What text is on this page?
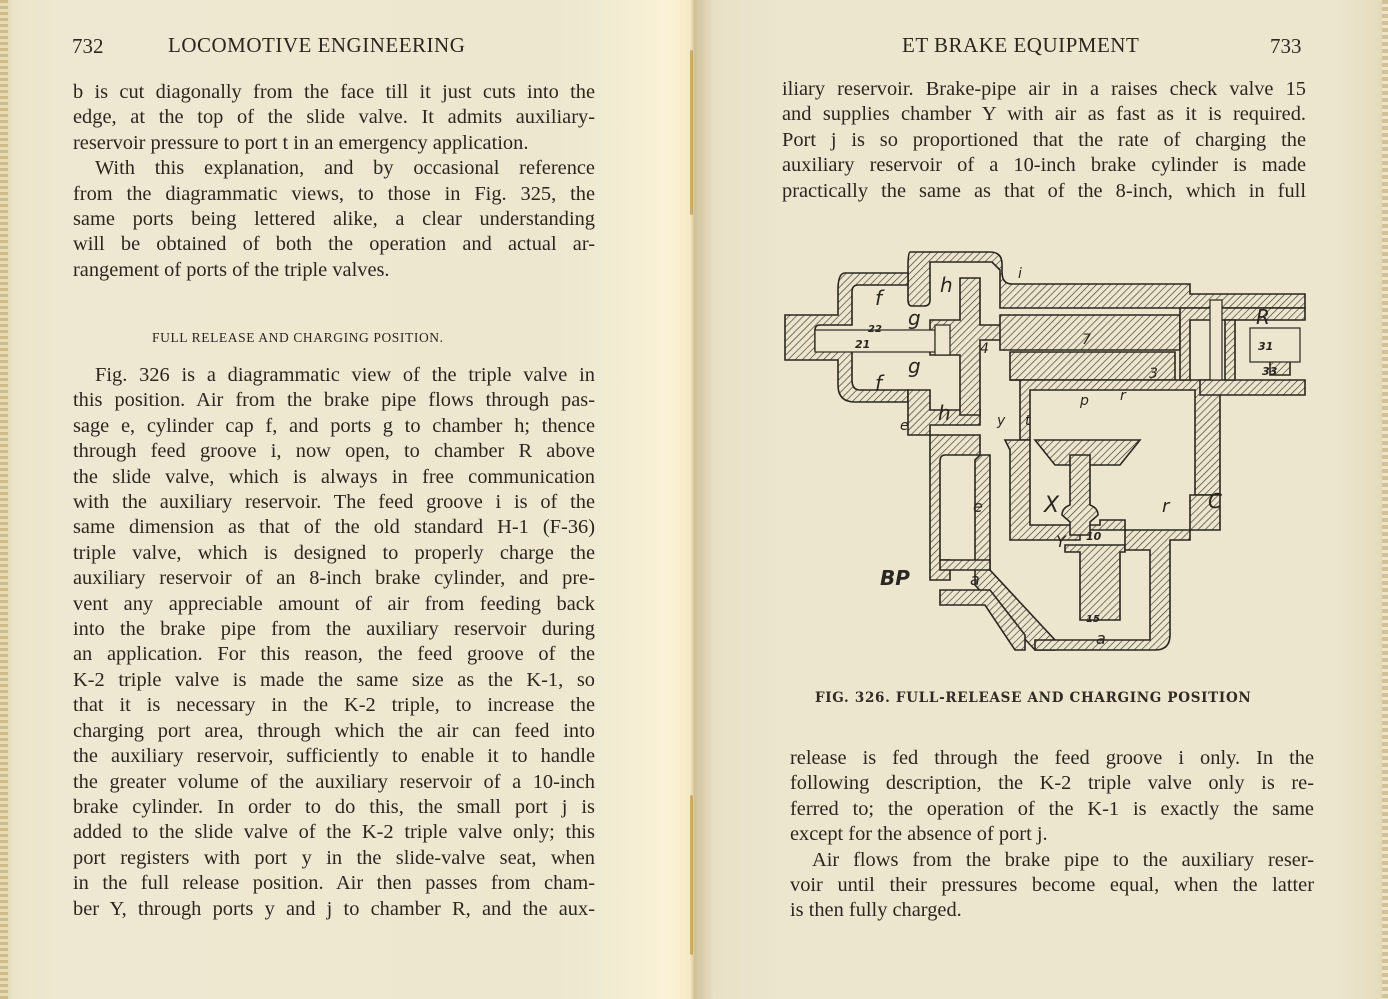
732	LOCOMOTIVE ENGINEERING
b is cut diagonally from the face till it just cuts into the
edge, at the top of the slide valve. It admits auxiliary-
reservoir pressure to port t in an emergency application.
With this explanation, and by occasional reference
from the diagrammatic views, to those in Fig. 325, the
same ports being lettered alike, a clear understanding
will be obtained of both the operation and actual ar-
rangement of ports of the triple valves.
FULL RELEASE AND CHARGING POSITION.
Fig. 326 is a diagrammatic view of the triple valve in
this position. Air from the brake pipe flows through pas-
sage e, cylinder cap f, and ports g to chamber h; thence
through feed groove i, now open, to chamber R above
the slide valve, which is always in free communication
with the auxiliary reservoir. The feed groove i is of the
same dimension as that of the old standard H-1 (F-36)
triple valve, which is designed to properly charge the
auxiliary reservoir of an 8-inch brake cylinder, and pre-
vent any appreciable amount of air from feeding back
into the brake pipe from the auxiliary reservoir during
an application. For this reason, the feed groove of the
K-2 triple valve is made the same size as the K-1, so
that it is necessary in the K-2 triple, to increase the
charging port area, through which the air can feed into
the auxiliary reservoir, sufficiently to enable it to handle
the greater volume of the auxiliary reservoir of a 10-inch
brake cylinder. In order to do this, the small port j is
added to the slide valve of the K-2 triple valve only; this
port registers with port y in the slide-valve seat, when
in the full release position. Air then passes from cham-
ber Y, through ports y and j to chamber R, and the aux-
ET BRAKE EQUIPMENT	733
iliary reservoir. Brake-pipe air in a raises check valve 15
and supplies chamber Y with air as fast as it is required.
Port j is so proportioned that the rate of charging the
auxiliary reservoir of a 10-inch brake cylinder is made
practically the same as that of the 8-inch, which in full
f
f
g
g
h
h
i
22
21	4
7
3
R
31
33
p r
y t
e
e	X	r C
Y 10
BP	a
a
15
FIG. 326. FULL-RELEASE AND CHARGING POSITION
release is fed through the feed groove i only. In the
following description, the K-2 triple valve only is re-
ferred to; the operation of the K-1 is exactly the same
except for the absence of port j.
Air flows from the brake pipe to the auxiliary reser-
voir until their pressures become equal, when the latter
is then fully charged.
